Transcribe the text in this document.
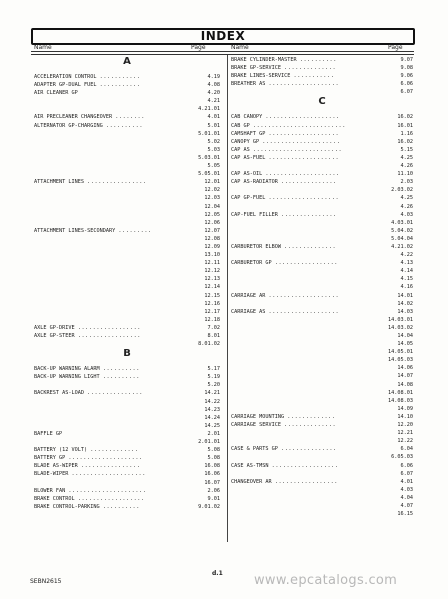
INDEX
Name	Page	Name	Page
A
ACCELERATION CONTROL ...........	4.19
ADAPTER GP-DUAL FUEL ...........	4.08
AIR CLEANER GP	4.20
4.21
4.21.01
AIR PRECLEANER CHANGEOVER ........	4.01
ALTERNATOR GP-CHARGING ..........	5.01
5.01.01
5.02
5.03
5.03.01
5.05
5.05.01
ATTACHMENT LINES ................	12.01
12.02
12.03
12.04
12.05
12.06
ATTACHMENT LINES-SECONDARY .........	12.07
12.08
12.09
13.10
12.11
12.12
12.13
12.14
12.15
12.16
12.17
12.18
AXLE GP-DRIVE .................	7.02
AXLE GP-STEER .................	8.01
8.01.02
B
BACK-UP WARNING ALARM ..........	5.17
BACK-UP WARNING LIGHT ..........	5.19
5.20
BACKREST AS-LOAD ...............	14.21
14.22
14.23
14.24
14.25
BAFFLE GP	2.01
2.01.01
BATTERY (12 VOLT) .............	5.08
BATTERY GP ....................	5.08
BLADE AS-WIPER ................	16.08
BLADE-WIPER ....................	16.06
16.07
BLOWER FAN .....................	2.06
BRAKE CONTROL ..................	9.01
BRAKE CONTROL-PARKING ..........	9.01.02
BRAKE CYLINDER-MASTER ..........	9.07
BRAKE GP-SERVICE ..............	9.08
BRAKE LINES-SERVICE ...........	9.06
BREATHER AS ...................	6.06
6.07
C
CAB CANOPY ....................	16.02
CAB GP .........................	16.01
CAMSHAFT GP ...................	1.16
CANOPY GP .....................	16.02
CAP AS ........................	5.15
CAP AS-FUEL ...................	4.25
4.26
CAP AS-OIL ....................	11.10
CAP AS-RADIATOR ...............	2.03
2.03.02
CAP GP-FUEL ...................	4.25
4.26
CAP-FUEL FILLER ...............	4.03
4.03.01
5.04.02
5.04.04
CARBURETOR ELBOW ..............	4.21.02
4.22
CARBURETOR GP .................	4.13
4.14
4.15
4.16
CARRIAGE AR ...................	14.01
14.02
CARRIAGE AS ...................	14.03
14.03.01
14.03.02
14.04
14.05
14.05.01
14.05.03
14.06
14.07
14.08
14.08.01
14.08.03
14.09
CARRIAGE MOUNTING .............	14.10
CARRIAGE SERVICE ..............	12.20
12.21
12.22
CASE & PARTS GP ...............	6.04
6.05.03
CASE AS-TMSN ..................	6.06
6.07
CHANGEOVER AR .................	4.01
4.03
4.04
4.07
16.15
SEBN2615
d.1 www.epcatalogs.com
